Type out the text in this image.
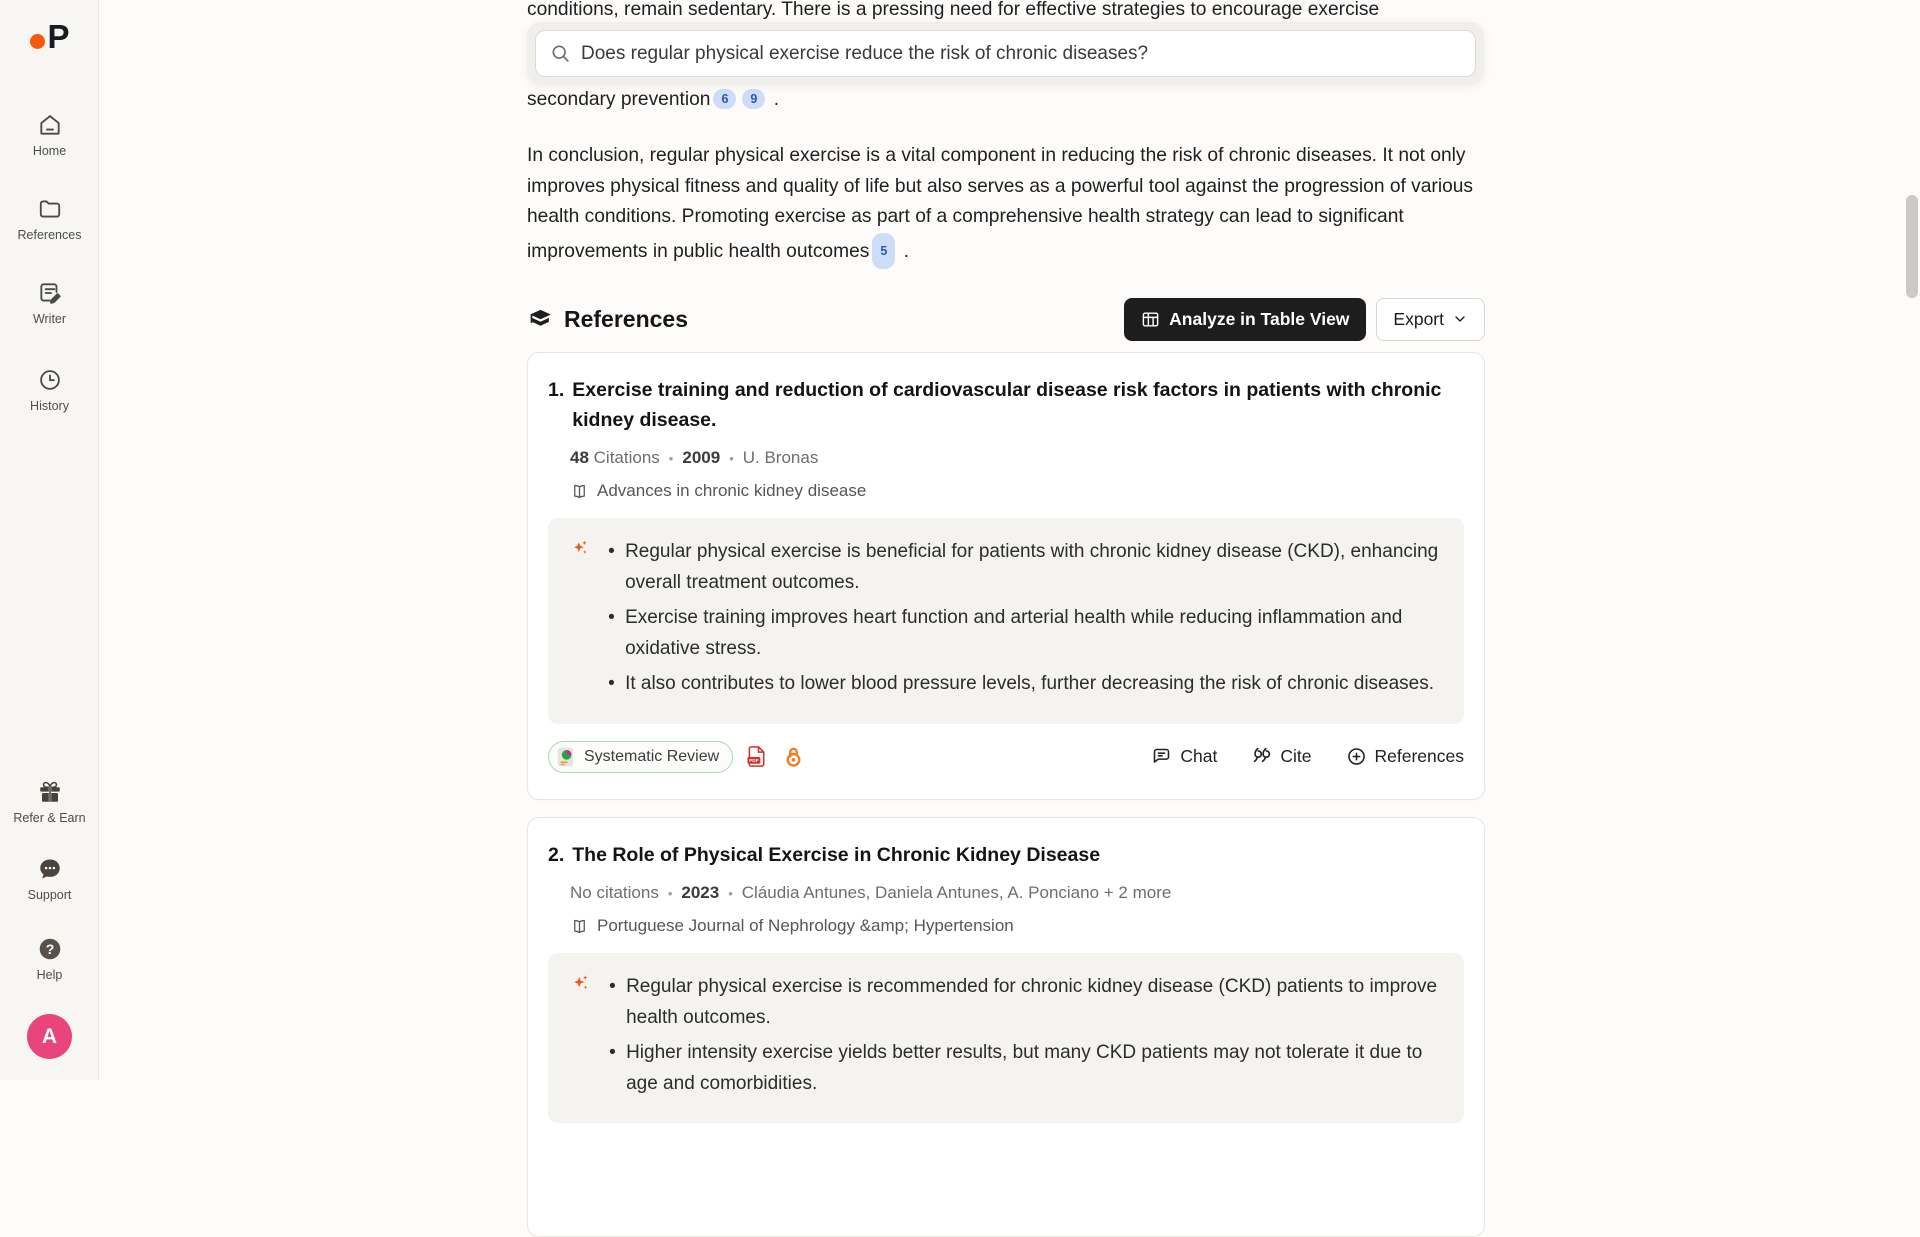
P
Home
References
Writer
History
Refer & Earn
Support
?
Help
A
conditions, remain sedentary. There is a pressing need for effective strategies to encourage exercise
secondary prevention 6 9 .
In conclusion, regular physical exercise is a vital component in reducing the risk of chronic diseases. It not only improves physical fitness and quality of life but also serves as a powerful tool against the progression of various health conditions. Promoting exercise as part of a comprehensive health strategy can lead to significant improvements in public health outcomes 5 .
Does regular physical exercise reduce the risk of chronic diseases?
References	Analyze in Table View	Export
1. Exercise training and reduction of cardiovascular disease risk factors in patients with chronic kidney disease.
48 Citations • 2009 • U. Bronas
Advances in chronic kidney disease
• Regular physical exercise is beneficial for patients with chronic kidney disease (CKD), enhancing overall treatment outcomes.
• Exercise training improves heart function and arterial health while reducing inflammation and oxidative stress.
• It also contributes to lower blood pressure levels, further decreasing the risk of chronic diseases.
Systematic Review	PDF	Chat	Cite	References
2. The Role of Physical Exercise in Chronic Kidney Disease
No citations • 2023 • Cláudia Antunes, Daniela Antunes, A. Ponciano + 2 more
Portuguese Journal of Nephrology &amp; Hypertension
• Regular physical exercise is recommended for chronic kidney disease (CKD) patients to improve health outcomes.
• Higher intensity exercise yields better results, but many CKD patients may not tolerate it due to age and comorbidities.
